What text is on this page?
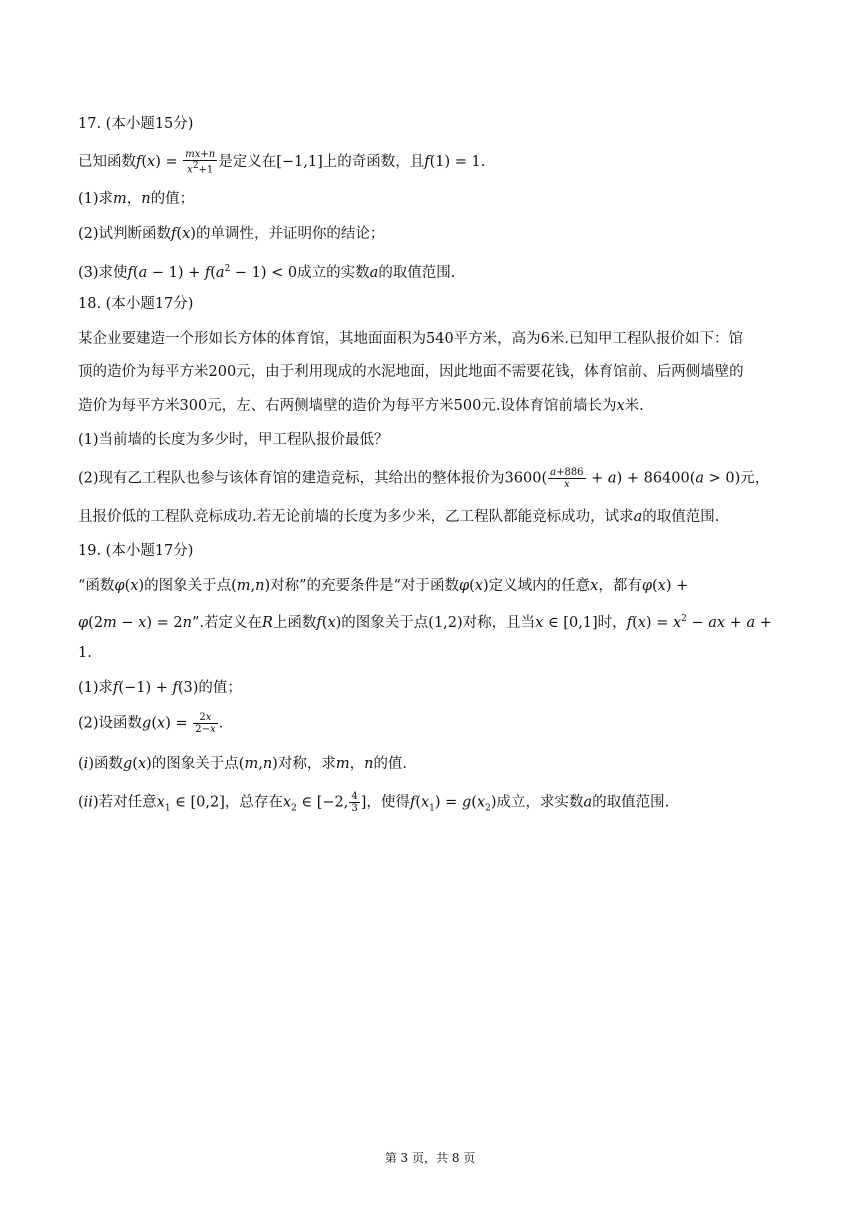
17. (本小题15分)
已知函数$f(x) = \frac{mx+n}{x^2+1}$ 是定义在[−1,1]上的奇函数，且f(1) = 1.
(1)求m，n的值；
(2)试判断函数f(x)的单调性，并证明你的结论；
(3)求使$f(a - 1) + f(a^2 - 1) < 0$成立的实数a的取值范围.
18. (本小题17分)
某企业要建造一个形如长方体的体育馆，其地面面积为540平方米，高为6米.已知甲工程队报价如下：馆
顶的造价为每平方米200元，由于利用现成的水泥地面，因此地面不需要花钱，体育馆前、后两侧墙壁的
造价为每平方米300元，左、右两侧墙壁的造价为每平方米500元.设体育馆前墙长为x米.
(1)当前墙的长度为多少时，甲工程队报价最低？
(2)现有乙工程队也参与该体育馆的建造竞标，其给出的整体报价为$3600( \frac{a+886}{x} + a) + 86400(a > 0)$元，
且报价低的工程队竞标成功.若无论前墙的长度为多少米，乙工程队都能竞标成功，试求a的取值范围.
19. (本小题17分)
“函数φ(x)的图象关于点(m,n)对称”的充要条件是“对于函数φ(x)定义域内的任意x，都有φ(x) +
φ(2m − x) = 2n”.若定义在R上函数f(x)的图象关于点(1,2)对称，且当x ∈ [0,1]时，$f(x) = x^2$ − ax + a +
1.
(1)求f(−1) + f(3)的值；
(2)设函数$g(x) = \frac{2x}{2-x}$ .
(i)函数g(x)的图象关于点(m,n)对称，求m，n的值.
(ii)若对任意$x_1$ ∈ [0,2]，总存在$x_2$ ∈ [−2, $\frac{4}{3}$ ]，使得$f(x_1) = g(x_2)$成立，求实数a的取值范围.
第 3 页，共 8 页
